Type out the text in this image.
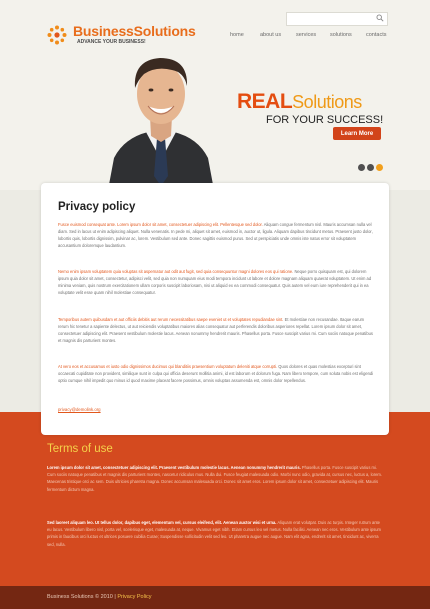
BusinessSolutions
ADVANCE YOUR BUSINESS!
home	about us	services	solutions	contacts
REALSolutions
FOR YOUR SUCCESS!
Learn More
Terms of use

Lorem ipsum dolor sit amet, consectetuer adipiscing elit. Praesent vestibulum molestie lacus. Aenean nonummy hendrerit mauris. Phasellus porta. Fusce suscipit varius mi. Cum sociis natoque penatibus et magnis dis parturient montes, nascetur ridiculus mus. Nulla dui. Fusce feugiat malesuada odio. Morbi nunc odio, gravida at, cursus nec, luctus a, lorem. Maecenas tristique orci ac sem. Duis ultricies pharetra magna. Donec accumsan malesuada orci. Donec sit amet eros. Lorem ipsum dolor sit amet, consectetuer adipiscing elit. Mauris fermentum dictum magna.

Sed laoreet aliquam leo. Ut tellus dolor, dapibus eget, elementum vel, cursus eleifend, elit. Aenean auctor wisi et urna. Aliquam erat volutpat. Duis ac turpis. Integer rutrum ante eu lacus. Vestibulum libero nisl, porta vel, scelerisque eget, malesuada at, neque. Vivamus eget nibh. Etiam cursus leo vel metus. Nulla facilisi. Aenean nec eros. Vestibulum ante ipsum primis in faucibus orci luctus et ultrices posuere cubilia Curae; Suspendisse sollicitudin velit sed leo. Ut pharetra augue nec augue. Nam elit agna, endrerit sit amet, tincidunt ac, viverra sed, nulla.

Privacy policy

Fusce euismod consequat ante. Lorem ipsum dolor sit amet, consectetuer adipiscing elit. Pellentesque sed dolor. Aliquam congue fermentum nisl. Mauris accumsan nulla vel diam. Sed in lacus ut enim adipiscing aliquet. Nulla venenatis. In pede mi, aliquet sit amet, euismod in, auctor ut, ligula. Aliquam dapibus tincidunt metus. Praesent justo dolor, lobortis quis, lobortis dignissim, pulvinar ac, lorem. Vestibulum sed ante. Donec sagittis euismod purus. Sed ut perspiciatis unde omnis iste natus error sit voluptatem accusantium doloremque laudantium.

Nemo enim ipsam voluptatem quia voluptas sit aspernatur aut odit aut fugit, sed quia consequuntur magni dolores eos qui ratione. Neque porro quisquam est, qui dolorem ipsum quia dolor sit amet, consectetur, adipisci velit, sed quia non numquam eius modi tempora incidunt ut labore et dolore magnam aliquam quaerat voluptatem. Ut enim ad minima veniam, quis nostrum exercitationem ullam corporis suscipit laboriosam, nisi ut aliquid ex ea commodi consequatur. Quis autem vel eum iure reprehenderit qui in ea voluptate velit esse quam nihil molestiae consequatur.

Temporibus autem quibusdam et aut officiis debitis aut rerum necessitatibus saepe eveniet ut et voluptates repudiandae sint. Et molestiae non recusandae. Itaque earum rerum hic tenetur a sapiente delectus, ut aut reiciendis voluptatibus maiores alias consequatur aut perferendis doloribus asperiores repellat. Lorem ipsum dolor sit amet, consectetuer adipiscing elit. Praesent vestibulum molestie lacus. Aenean nonummy hendrerit mauris. Phasellus porta. Fusce suscipit varius mi. Cum sociis natoque penatibus et magnis dis parturient montes.

At vero eos et accusamus et iusto odio dignissimos ducimus qui blanditiis praesentium voluptatum deleniti atque corrupti. Quos dolores et quas molestias excepturi sint occaecati cupiditate non provident, similique sunt in culpa qui officia deserunt mollitia animi, id est laborum et dolorum fuga. Nam libero tempore, cum soluta nobis est eligendi optio cumque nihil impedit quo minus id quod maxime placeat facere possimus, omnis voluptas assumenda est, omnis dolor repellendus.

privacy@demolink.org
Business Solutions © 2010 | Privacy Policy
